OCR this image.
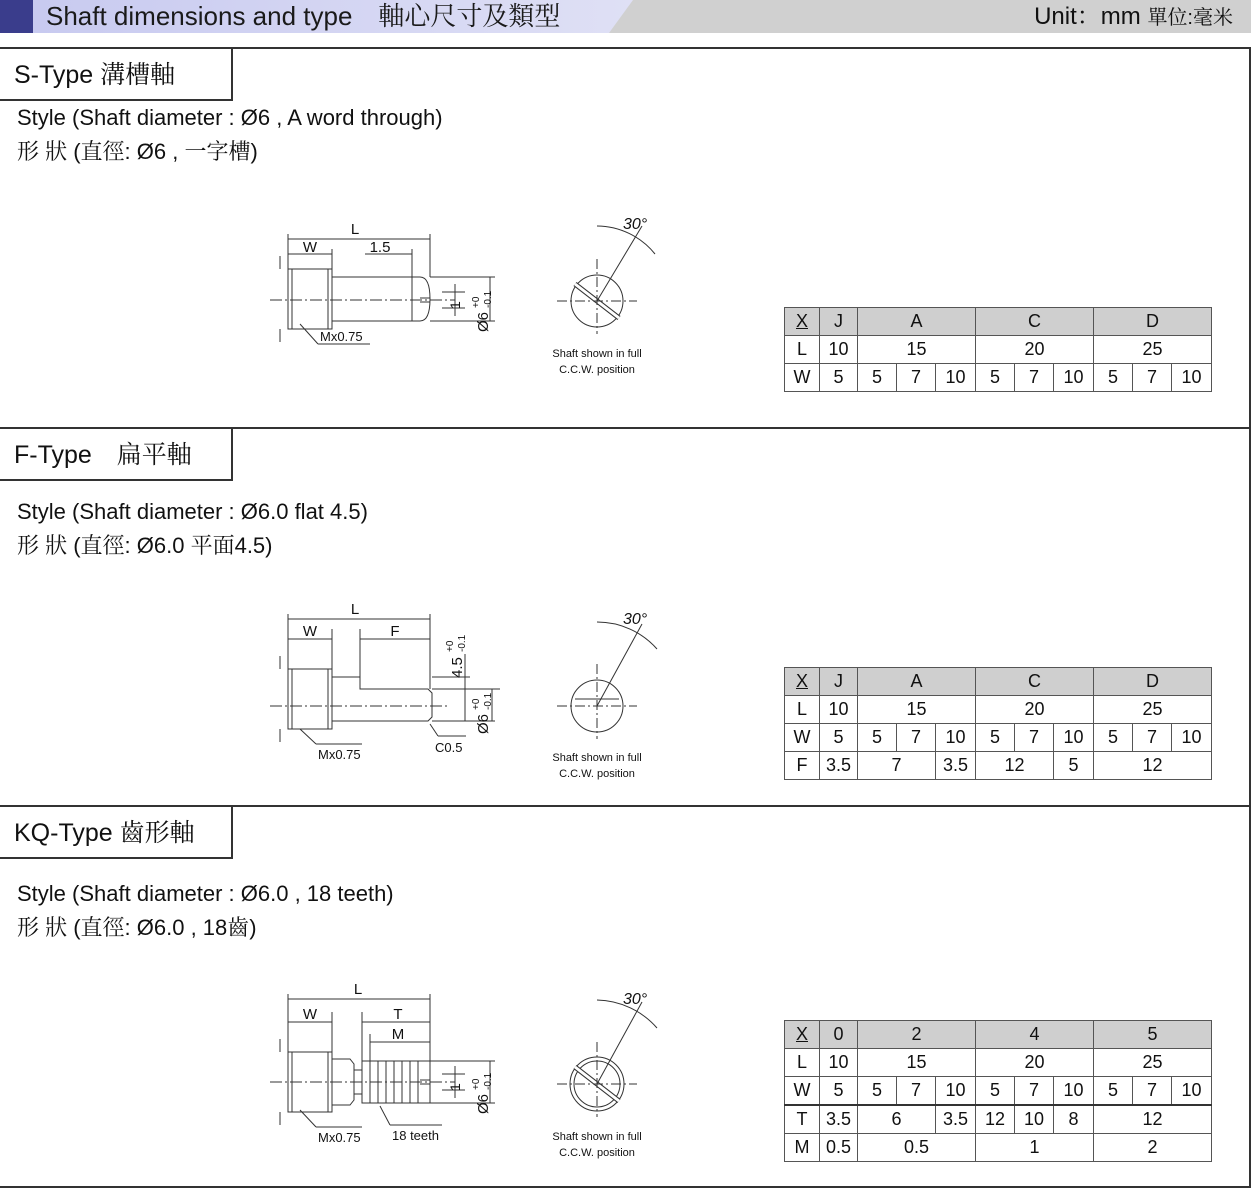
Shaft dimensions and type　軸心尺寸及類型	Unit：mm 單位:毫米
S-Type 溝槽軸
Style (Shaft diameter : Ø6 , A word through)
形 狀 (直徑: Ø6 , 一字槽)
L
W	1.5
Mx0.75
30°
Shaft shown in full
C.C.W. position
1
Ø6
+0 -0.1
X	J	A			C			D		
L	10	15			20			25		
W	5	5	7	10	5	7	10	5	7	10
F-Type　扁平軸
Style (Shaft diameter : Ø6.0 flat 4.5)
形 狀 (直徑: Ø6.0 平面4.5)
L
W	F
Mx0.75	C0.5
30°
Shaft shown in full
C.C.W. position
4.5
+0 -0.1
Ø6
+0 -0.1
X	J	A			C			D		
L	10	15			20			25		
W	5	5	7	10	5	7	10	5	7	10
F	3.5	7		3.5	12		5	12		
KQ-Type 齒形軸
Style (Shaft diameter : Ø6.0 , 18 teeth)
形 狀 (直徑: Ø6.0 , 18齒)
L
W	T
M
Mx0.75 18 teeth
30°
Shaft shown in full
C.C.W. position
1
Ø6
+0 -0.1
X	0	2			4			5		
L	10	15			20			25		
W	5	5	7	10	5	7	10	5	7	10
T	3.5	6		3.5	12	10	8	12		
M	0.5	0.5			1			2		
